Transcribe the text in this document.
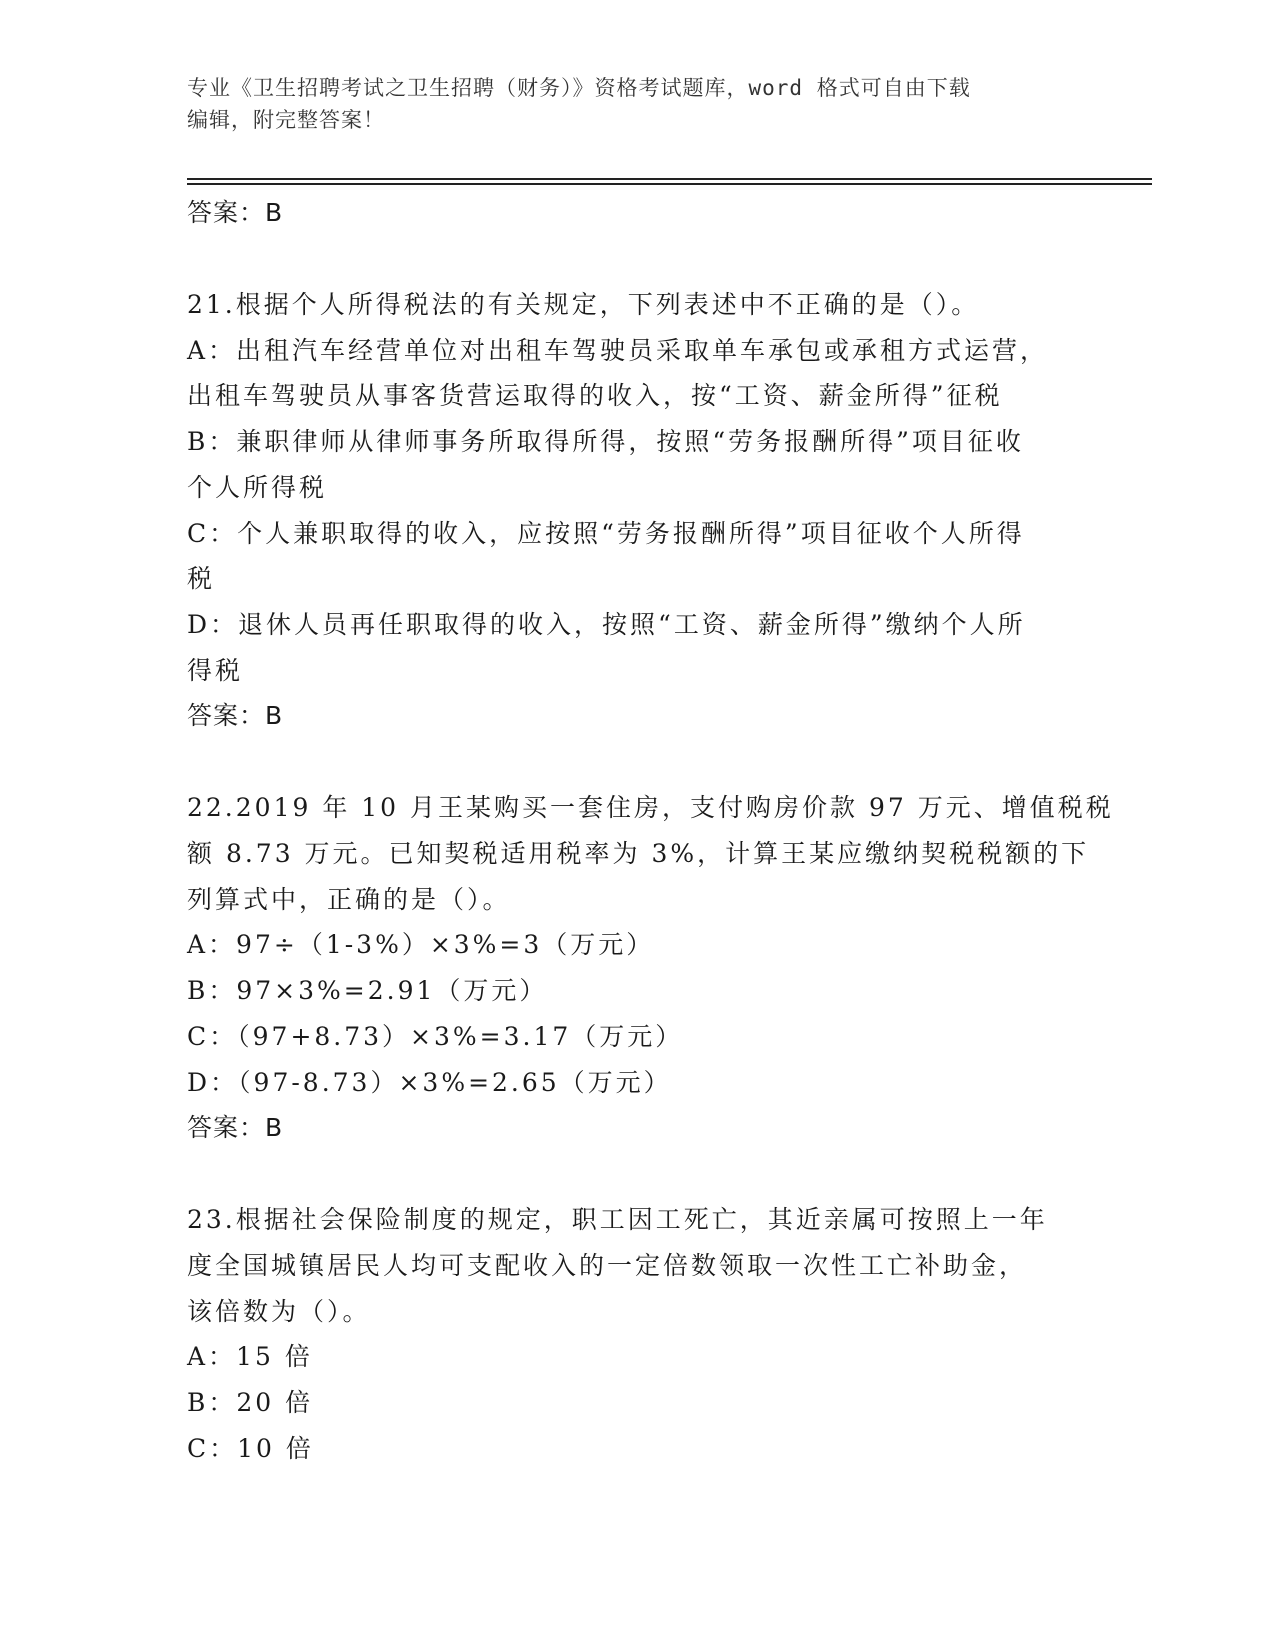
专业《卫生招聘考试之卫生招聘（财务）》资格考试题库，word 格式可自由下载
编辑，附完整答案！

答案：B

21.根据个人所得税法的有关规定，下列表述中不正确的是（）。

A：出租汽车经营单位对出租车驾驶员采取单车承包或承租方式运营，

出租车驾驶员从事客货营运取得的收入，按“工资、薪金所得”征税

B：兼职律师从律师事务所取得所得，按照“劳务报酬所得”项目征收

个人所得税

C：个人兼职取得的收入，应按照“劳务报酬所得”项目征收个人所得

税

D：退休人员再任职取得的收入，按照“工资、薪金所得”缴纳个人所

得税

答案：B

22.2019 年 10 月王某购买一套住房，支付购房价款 97 万元、增值税税

额 8.73 万元。已知契税适用税率为 3%，计算王某应缴纳契税税额的下

列算式中，正确的是（）。

A：97÷（1-3%）×3%=3（万元）

B：97×3%=2.91（万元）

C：（97+8.73）×3%=3.17（万元）

D：（97-8.73）×3%=2.65（万元）

答案：B

23.根据社会保险制度的规定，职工因工死亡，其近亲属可按照上一年

度全国城镇居民人均可支配收入的一定倍数领取一次性工亡补助金，

该倍数为（）。

A：15 倍

B：20 倍

C：10 倍
